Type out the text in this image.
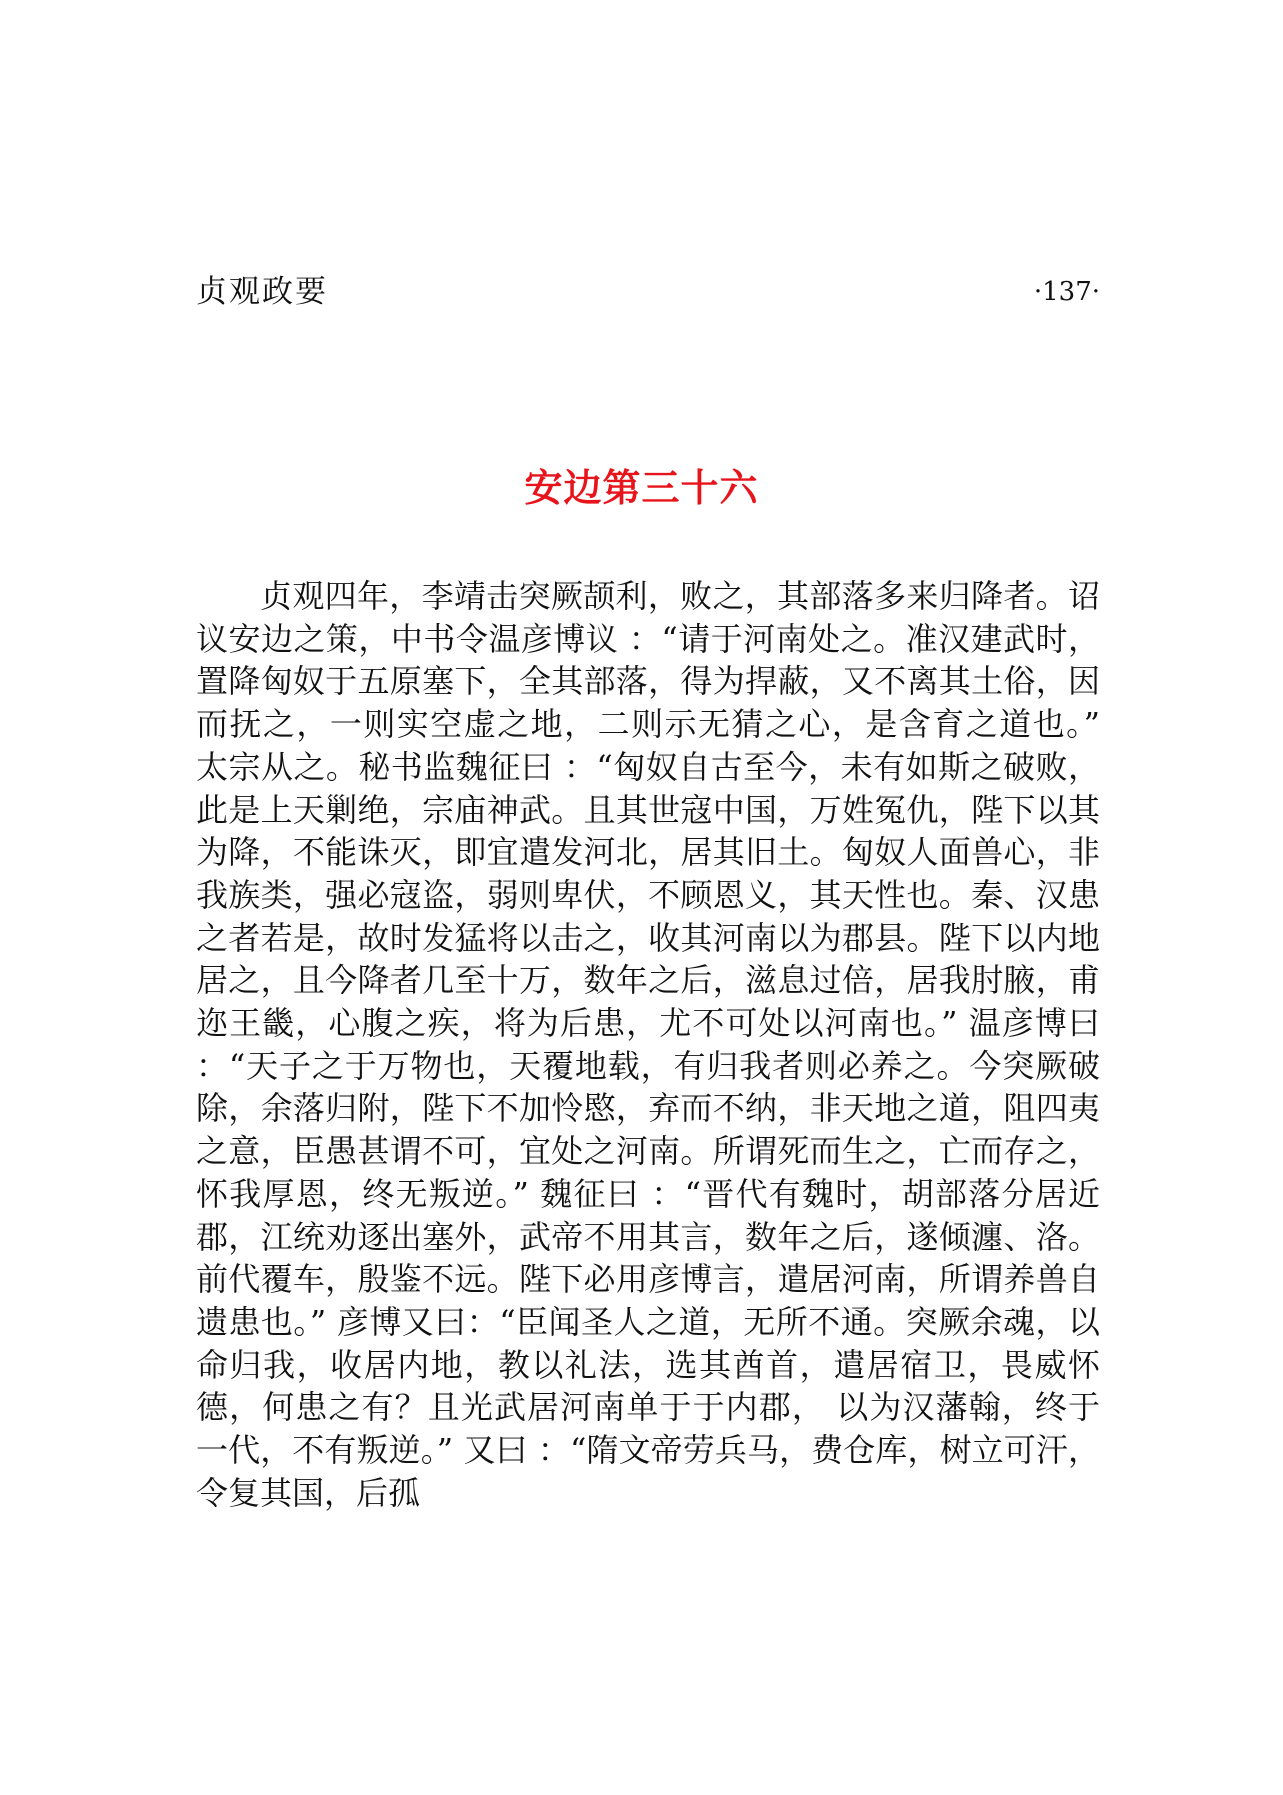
贞观政要	·137·
安边第三十六

贞观四年，李靖击突厥颉利，败之，其部落多来归降者。诏议安边之策，中书令温彦博议 ：“请于河南处之。准汉建武时，置降匈奴于五原塞下，全其部落，得为捍蔽，又不离其土俗，因而抚之，一则实空虚之地，二则示无猜之心，是含育之道也。” 太宗从之。秘书监魏征曰 ：“匈奴自古至今，未有如斯之破败，此是上天剿绝，宗庙神武。且其世寇中国，万姓冤仇，陛下以其为降，不能诛灭，即宜遣发河北，居其旧土。匈奴人面兽心，非我族类，强必寇盗，弱则卑伏，不顾恩义，其天性也。秦、汉患之者若是，故时发猛将以击之，收其河南以为郡县。陛下以内地居之，且今降者几至十万，数年之后，滋息过倍，居我肘腋，甫迩王畿，心腹之疾，将为后患，尤不可处以河南也。” 温彦博曰 ：“天子之于万物也，天覆地载，有归我者则必养之。今突厥破除，余落归附，陛下不加怜愍，弃而不纳，非天地之道，阻四夷之意，臣愚甚谓不可，宜处之河南。所谓死而生之，亡而存之，怀我厚恩，终无叛逆。” 魏征曰 ：“晋代有魏时，胡部落分居近郡，江统劝逐出塞外，武帝不用其言，数年之后，遂倾瀍、洛。前代覆车，殷鉴不远。陛下必用彦博言，遣居河南，所谓养兽自遗患也。” 彦博又曰：“臣闻圣人之道，无所不通。突厥余魂，以命归我，收居内地，教以礼法，选其酋首，遣居宿卫，畏威怀德，何患之有？且光武居河南单于于内郡， 以为汉藩翰，终于一代，不有叛逆。” 又曰 ：“隋文帝劳兵马，费仓库，树立可汗，令复其国，后孤
